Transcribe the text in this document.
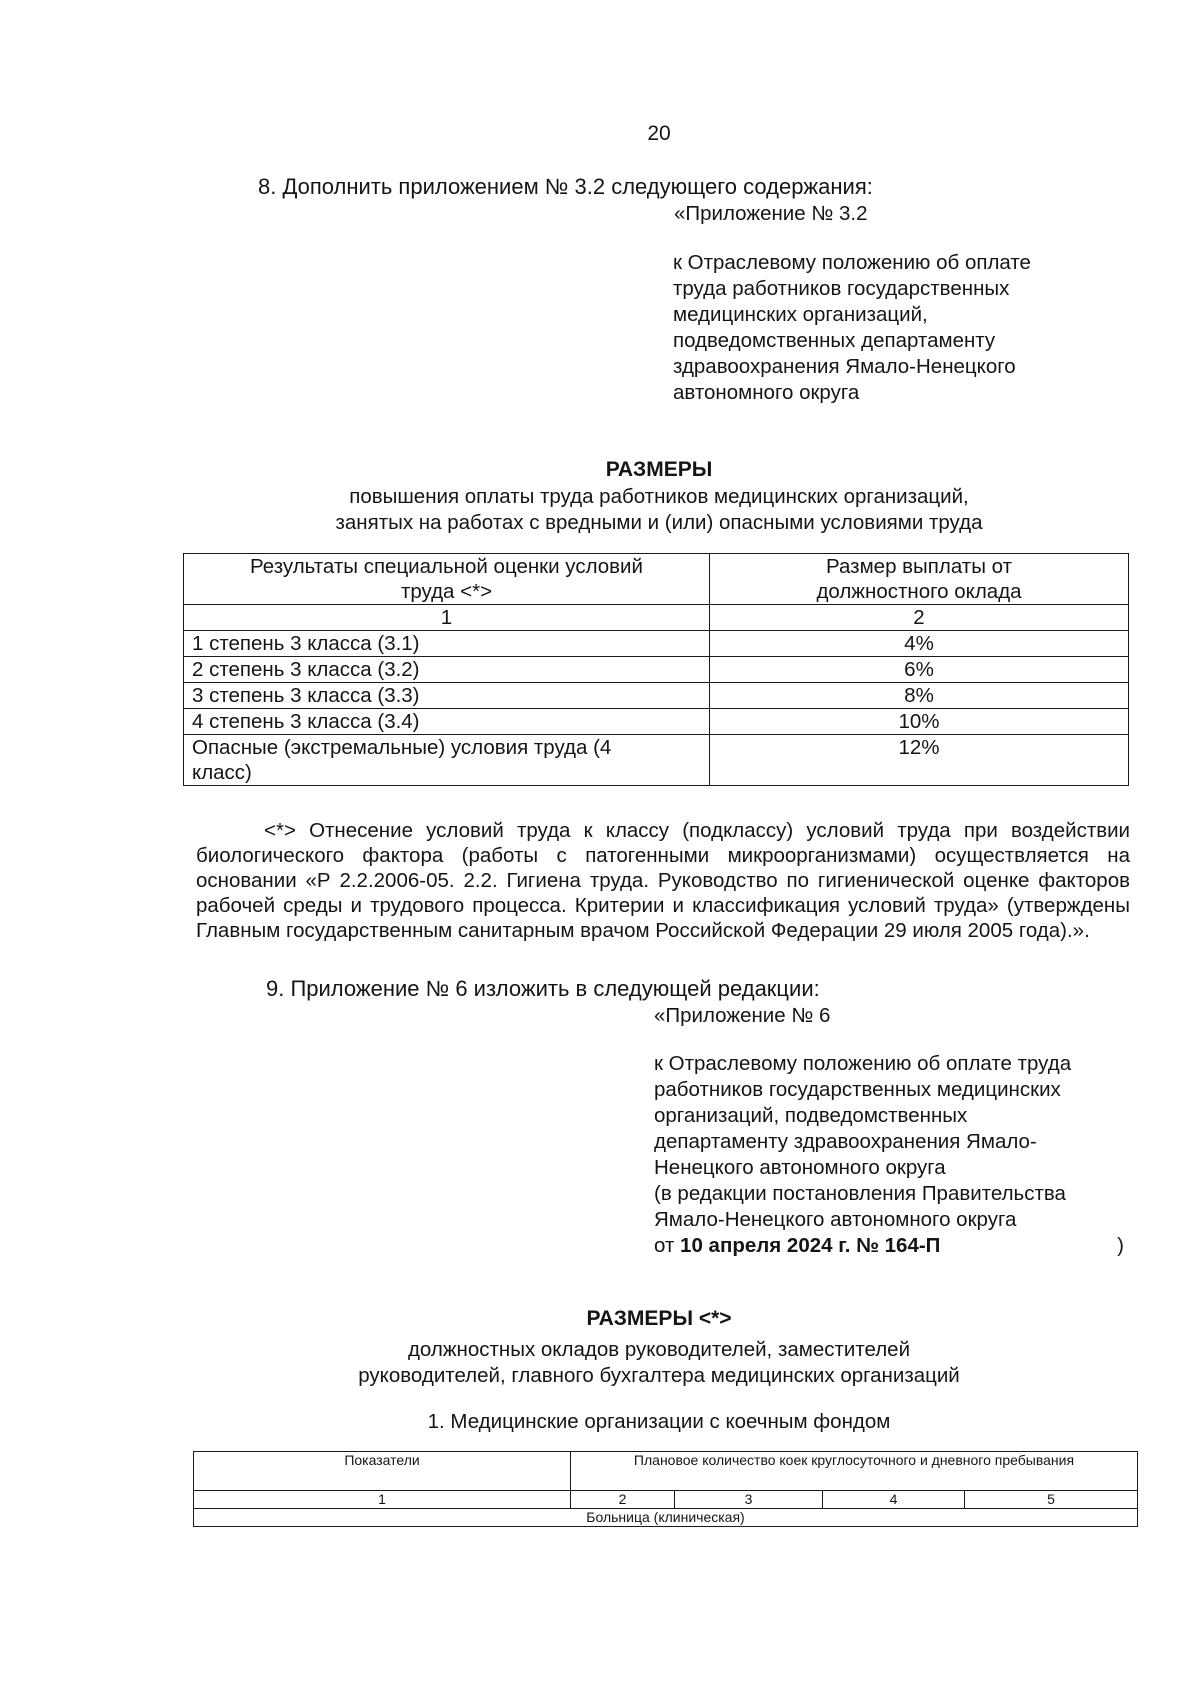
20
8. Дополнить приложением № 3.2 следующего содержания:
«Приложение № 3.2
к Отраслевому положению об оплате
труда работников государственных
медицинских организаций,
подведомственных департаменту
здравоохранения Ямало-Ненецкого
автономного округа
РАЗМЕРЫ
повышения оплаты труда работников медицинских организаций,
занятых на работах с вредными и (или) опасными условиями труда
Результаты специальной оценки условий труда <*>	Размер выплаты от должностного оклада
1	2
1 степень 3 класса (3.1)	4%
2 степень 3 класса (3.2)	6%
3 степень 3 класса (3.3)	8%
4 степень 3 класса (3.4)	10%
Опасные (экстремальные) условия труда (4 класс)	12%
<*> Отнесение условий труда к классу (подклассу) условий труда при воздействии биологического фактора (работы с патогенными микроорганизмами) осуществляется на основании «Р 2.2.2006-05. 2.2. Гигиена труда. Руководство по гигиенической оценке факторов рабочей среды и трудового процесса. Критерии и классификация условий труда» (утверждены Главным государственным санитарным врачом Российской Федерации 29 июля 2005 года).».
9. Приложение № 6 изложить в следующей редакции:
«Приложение № 6
к Отраслевому положению об оплате труда
работников государственных медицинских
организаций, подведомственных
департаменту здравоохранения Ямало-
Ненецкого автономного округа
(в редакции постановления Правительства
Ямало-Ненецкого автономного округа
от 10 апреля 2024 г. № 164-П	)
РАЗМЕРЫ <*>
должностных окладов руководителей, заместителей
руководителей, главного бухгалтера медицинских организаций
1. Медицинские организации с коечным фондом
Показатели	Плановое количество коек круглосуточного и дневного пребывания			
1	2	3	4	5
Больница (клиническая)				
